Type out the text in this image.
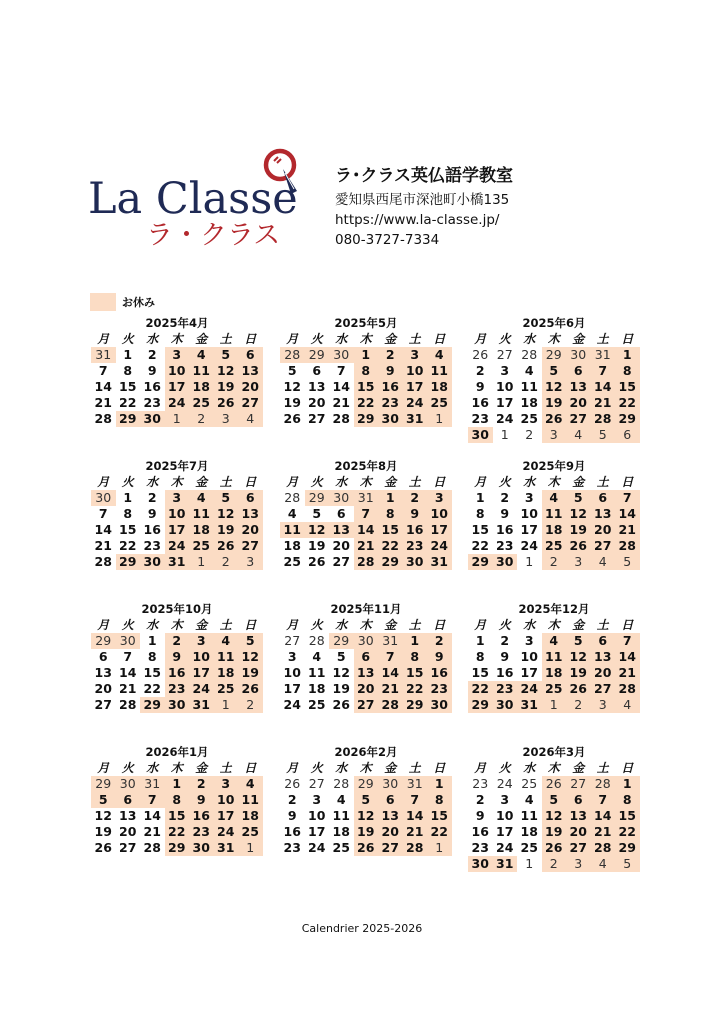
La Classe
ラ・クラス
ラ･クラス英仏語学教室
愛知県西尾市深池町小橋135
https://www.la-classe.jp/
080-3727-7334
お休み
2025年4月
月	火	水	木	金	土	日
31 1	2	3	4	5	6
7	8	9 10 11 12 13
14 15 16 17 18 19 20
21 22 23 24 25 26 27
28 29 30 1	2	3	4
2025年5月
月	火	水	木	金	土	日
28 29 30 1	2	3	4
5	6	7	8	9 10 11
12 13 14 15 16 17 18
19 20 21 22 23 24 25
26 27 28 29 30 31 1
2025年6月
月	火	水	木	金	土	日
26 27 28 29 30 31 1
2	3	4	5	6	7	8
9 10 11 12 13 14 15
16 17 18 19 20 21 22
23 24 25 26 27 28 29
30 1	2	3	4	5	6
2025年7月
月	火	水	木	金	土	日
30 1	2	3	4	5	6
7	8	9 10 11 12 13
14 15 16 17 18 19 20
21 22 23 24 25 26 27
28 29 30 31 1	2	3
2025年8月
月	火	水	木	金	土	日
28 29 30 31 1	2	3
4	5	6	7	8	9 10
11 12 13 14 15 16 17
18 19 20 21 22 23 24
25 26 27 28 29 30 31
2025年9月
月	火	水	木	金	土	日
1	2	3	4	5	6	7
8	9 10 11 12 13 14
15 16 17 18 19 20 21
22 23 24 25 26 27 28
29 30 1	2	3	4	5
2025年10月
月	火	水	木	金	土	日
29 30 1	2	3	4	5
6	7	8	9 10 11 12
13 14 15 16 17 18 19
20 21 22 23 24 25 26
27 28 29 30 31 1	2
2025年11月
月	火	水	木	金	土	日
27 28 29 30 31 1	2
3	4	5	6	7	8	9
10 11 12 13 14 15 16
17 18 19 20 21 22 23
24 25 26 27 28 29 30
2025年12月
月	火	水	木	金	土	日
1	2	3	4	5	6	7
8	9 10 11 12 13 14
15 16 17 18 19 20 21
22 23 24 25 26 27 28
29 30 31 1	2	3	4
2026年1月
月	火	水	木	金	土	日
29 30 31 1	2	3	4
5	6	7	8	9 10 11
12 13 14 15 16 17 18
19 20 21 22 23 24 25
26 27 28 29 30 31 1
2026年2月
月	火	水	木	金	土	日
26 27 28 29 30 31 1
2	3	4	5	6	7	8
9 10 11 12 13 14 15
16 17 18 19 20 21 22
23 24 25 26 27 28 1
2026年3月
月	火	水	木	金	土	日
23 24 25 26 27 28 1
2	3	4	5	6	7	8
9 10 11 12 13 14 15
16 17 18 19 20 21 22
23 24 25 26 27 28 29
30 31 1	2	3	4	5
Calendrier 2025-2026
